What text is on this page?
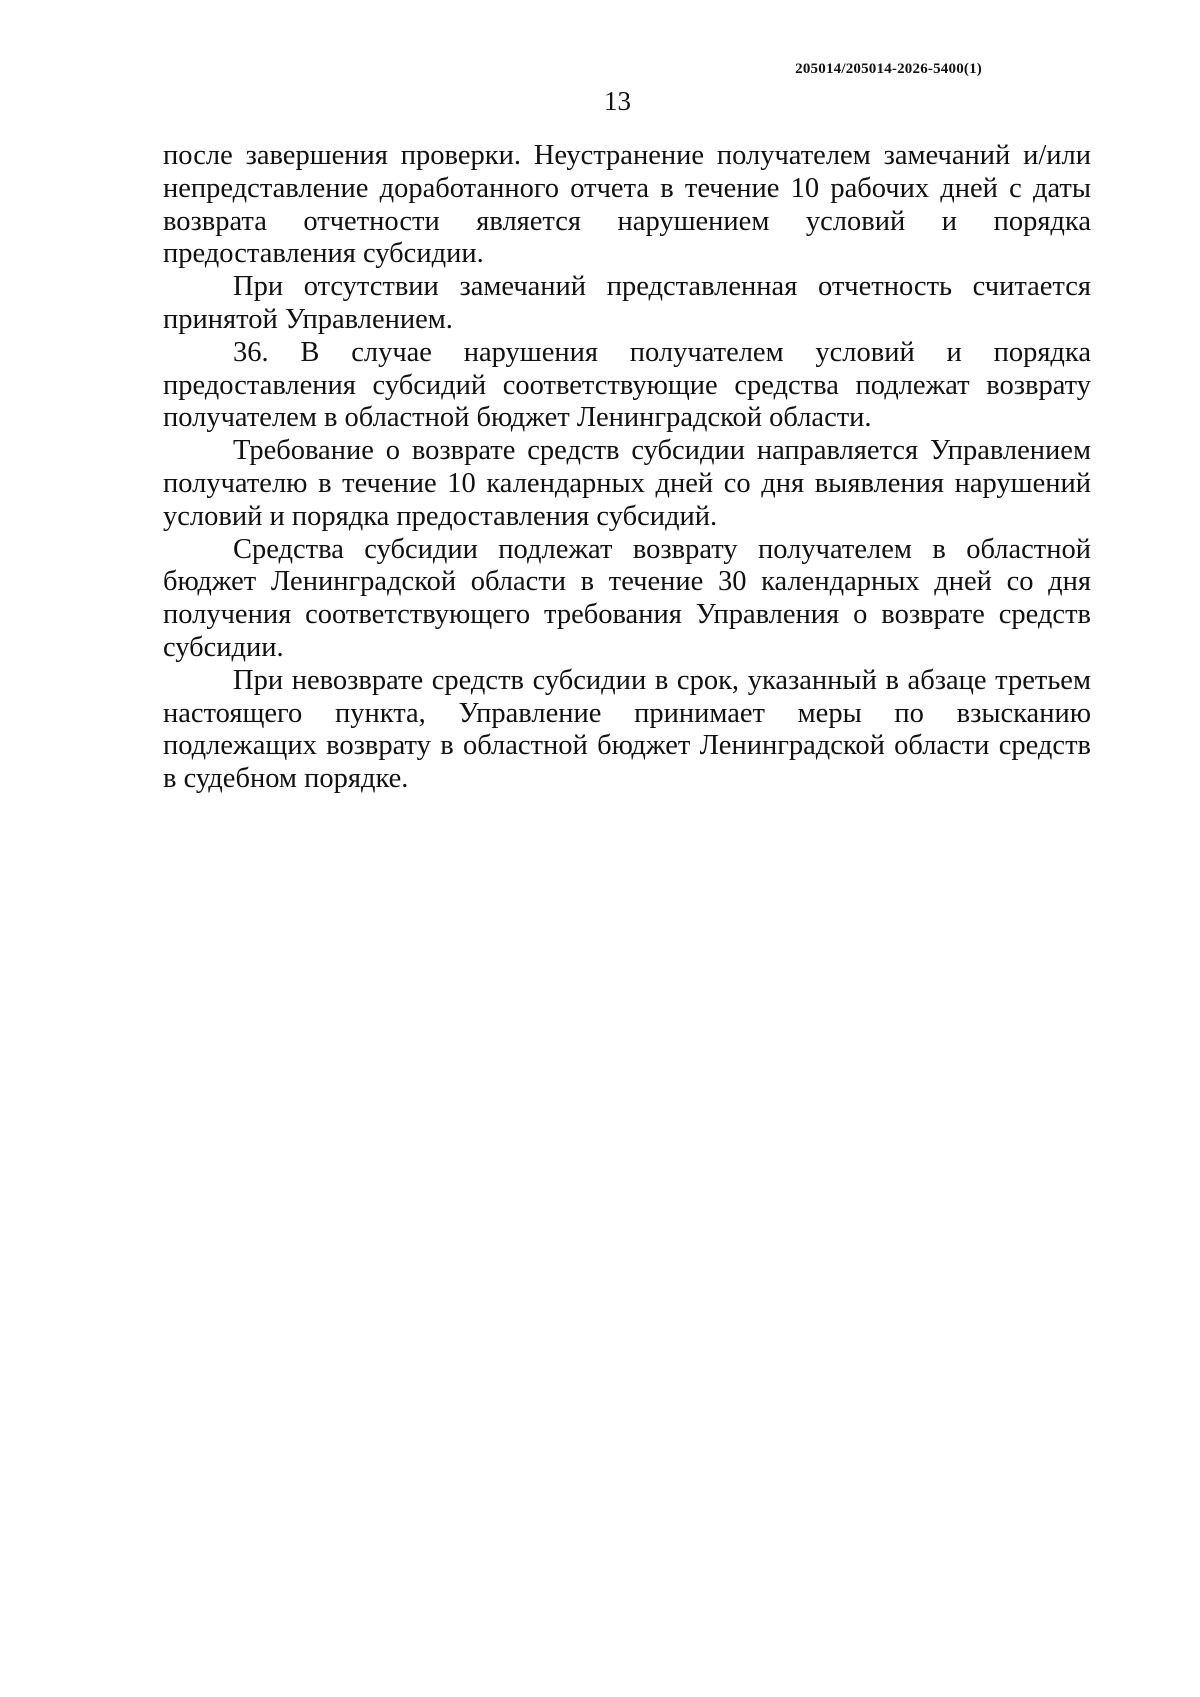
205014/205014-2026-5400(1)
13

после завершения проверки. Неустранение получателем замечаний и/или непредставление доработанного отчета в течение 10 рабочих дней с даты возврата отчетности является нарушением условий и порядка предоставления субсидии.

При отсутствии замечаний представленная отчетность считается принятой Управлением.

36. В случае нарушения получателем условий и порядка предоставления субсидий соответствующие средства подлежат возврату получателем в областной бюджет Ленинградской области.

Требование о возврате средств субсидии направляется Управлением получателю в течение 10 календарных дней со дня выявления нарушений условий и порядка предоставления субсидий.

Средства субсидии подлежат возврату получателем в областной бюджет Ленинградской области в течение 30 календарных дней со дня получения соответствующего требования Управления о возврате средств субсидии.

При невозврате средств субсидии в срок, указанный в абзаце третьем настоящего пункта, Управление принимает меры по взысканию подлежащих возврату в областной бюджет Ленинградской области средств в судебном порядке.
